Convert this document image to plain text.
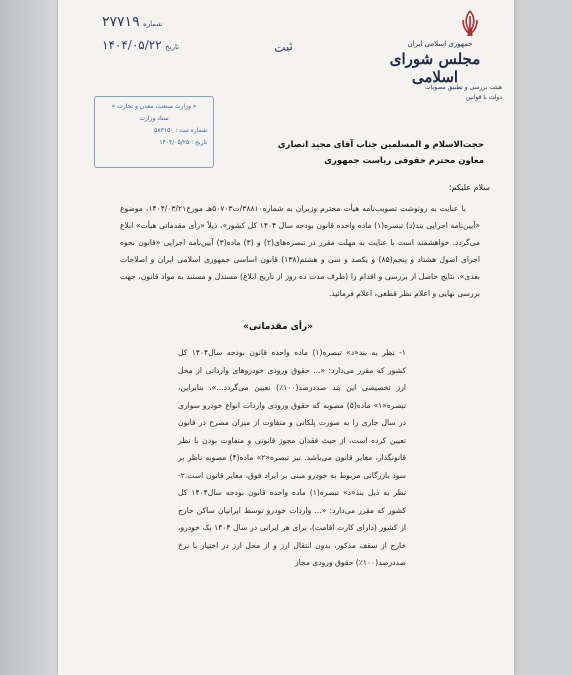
شماره ۲۷۷۱۹
تاریخ ۱۴۰۴/۰۵/۲۲	ثبت	جمهوری اسلامی ایران
مجلس شورای اسلامی
هیئت بررسی و تطبیق مصوبات
دولت با قوانین
« وزارت صنعت، معدن و تجارت »
ستاد وزارت
شماره ثبت : ۵۸۳۱۵۰
تاریخ : ۱۴۰۴/۰۵/۲۵	حجت‌الاسلام و المسلمین جناب آقای مجید انصاری
معاون محترم حقوقی ریاست جمهوری
سلام علیکم؛
با عنایت به رونوشت تصویب‌نامه هیأت محترم وزیران به شماره۳۸۸۱۰/ت۵۰۷۰۳هـ مورخ۱۴۰۴/۰۳/۲۱، موضوع «آیین‌نامه اجرایی بند(د) تبصره(۱) ماده واحده قانون بودجه سال ۱۴۰۴ کل کشور»، ذیلاً «رأی مقدماتی هیأت» ابلاغ می‌گردد. خواهشمند است با عنایت به مهلت مقرر در تبصره‌های(۲) و (۳) ماده(۳) آیین‌نامه اجرایی «قانون نحوه اجرای اصول هشتاد و پنجم(۸۵) و یکصد و سی و هشتم(۱۳۸) قانون اساسی جمهوری اسلامی ایران و اصلاحات بعدی»، نتایج حاصل از بررسی و اقدام را (ظرف مدت ده روز از تاریخ ابلاغ) مستدل و مستند به مواد قانون، جهت بررسی نهایی و اعلام نظر قطعی، اعلام فرمائید.
«رأی مقدماتی»
۱- نظر به بند«د» تبصره(۱) ماده واحده قانون بودجه سال۱۴۰۴ کل کشور که مقرر می‌دارد: «... حقوق ورودی خودروهای وارداتی از محل ارز تخصیصی این بند صددرصد(۱۰۰٪) تعیین می‌گردد...»، بنابراین، تبصره«۱» ماده(۵) مصوبه که حقوق ورودی واردات انواع خودرو سواری در سال جاری را به صورت پلکانی و متفاوت از میزان مصرح در قانون تعیین کرده است، از حیث فقدان مجوز قانونی و متفاوت بودن با نظر قانونگذار، مغایر قانون می‌باشد. نیز تبصره«۲» ماده(۴) مصوبه ناظر بر سود بازرگانی مربوط به خودرو مبنی بر ایراد فوق، مغایر قانون است.۲- نظر به ذیل بند«د» تبصره(۱) ماده واحده قانون بودجه سال۱۴۰۴ کل کشور که مقرر می‌دارد: «... واردات خودرو توسط ایرانیان ساکن خارج از کشور (دارای کارت اقامت)، برای هر ایرانی در سال ۱۴۰۴ یک خودرو، خارج از سقف مذکور، بدون انتقال ارز و از محل ارز در اختیار با نرخ صددرصد(۱۰۰٪) حقوق ورودی مجاز
